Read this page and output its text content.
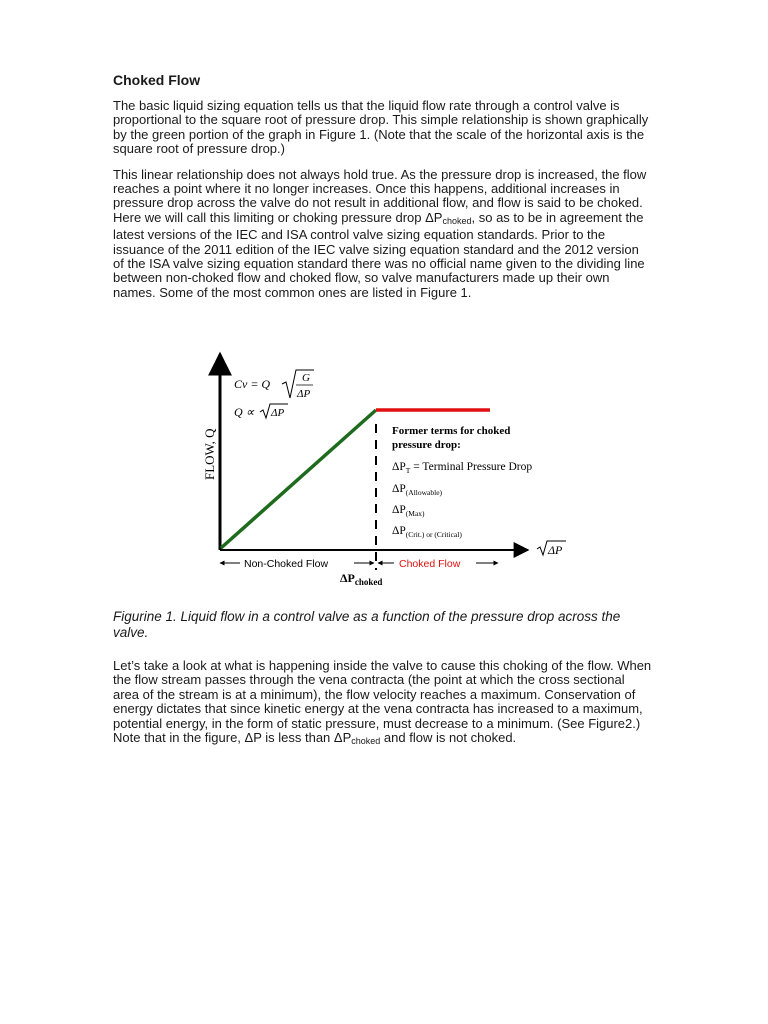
Choked Flow

The basic liquid sizing equation tells us that the liquid flow rate through a control valve is proportional to the square root of pressure drop. This simple relationship is shown graphically by the green portion of the graph in Figure 1. (Note that the scale of the horizontal axis is the square root of pressure drop.)

This linear relationship does not always hold true. As the pressure drop is increased, the flow reaches a point where it no longer increases. Once this happens, additional increases in pressure drop across the valve do not result in additional flow, and flow is said to be choked. Here we will call this limiting or choking pressure drop $\Delta P_{choked}$, so as to be in agreement the latest versions of the IEC and ISA control valve sizing equation standards. Prior to the issuance of the 2011 edition of the IEC valve sizing equation standard and the 2012 version of the ISA valve sizing equation standard there was no official name given to the dividing line between non-choked flow and choked flow, so valve manufacturers made up their own names. Some of the most common ones are listed in Figure 1.

FLOW, Q
Cv = Q	G
ΔP
Q ∝ ΔP
Former terms for choked
pressure drop:
$\Delta P_T$ = Terminal Pressure Drop
$\Delta P_{(Allowable)}$
$\Delta P_{(Max)}$
$\Delta P_{(Crit.) or (Critical)}$
ΔP
Non-Choked Flow	Choked Flow
$\Delta P_{choked}$

Figurine 1. Liquid flow in a control valve as a function of the pressure drop across the valve.

Let’s take a look at what is happening inside the valve to cause this choking of the flow. When the flow stream passes through the vena contracta (the point at which the cross sectional area of the stream is at a minimum), the flow velocity reaches a maximum. Conservation of energy dictates that since kinetic energy at the vena contracta has increased to a maximum, potential energy, in the form of static pressure, must decrease to a minimum. (See Figure2.) Note that in the figure, ΔP is less than $\Delta P_{choked}$ and flow is not choked.
